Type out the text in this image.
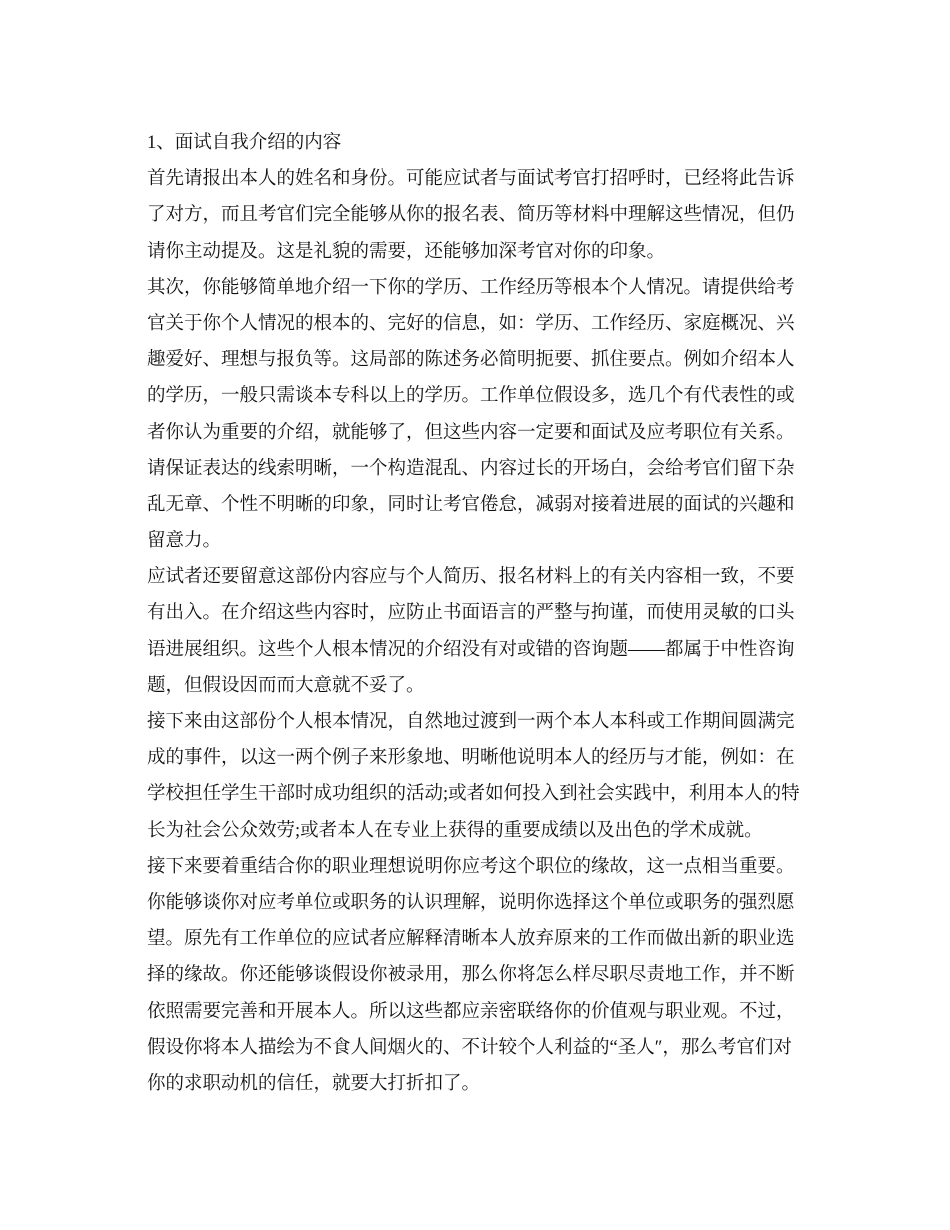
1、面试自我介绍的内容
首先请报出本人的姓名和身份。可能应试者与面试考官打招呼时，已经将此告诉
了对方，而且考官们完全能够从你的报名表、简历等材料中理解这些情况，但仍
请你主动提及。这是礼貌的需要，还能够加深考官对你的印象。
其次，你能够简单地介绍一下你的学历、工作经历等根本个人情况。请提供给考
官关于你个人情况的根本的、完好的信息，如：学历、工作经历、家庭概况、兴
趣爱好、理想与报负等。这局部的陈述务必简明扼要、抓住要点。例如介绍本人
的学历，一般只需谈本专科以上的学历。工作单位假设多，选几个有代表性的或
者你认为重要的介绍，就能够了，但这些内容一定要和面试及应考职位有关系。
请保证表达的线索明晰，一个构造混乱、内容过长的开场白，会给考官们留下杂
乱无章、个性不明晰的印象，同时让考官倦怠，减弱对接着进展的面试的兴趣和
留意力。
应试者还要留意这部份内容应与个人简历、报名材料上的有关内容相一致，不要
有出入。在介绍这些内容时，应防止书面语言的严整与拘谨，而使用灵敏的口头
语进展组织。这些个人根本情况的介绍没有对或错的咨询题——都属于中性咨询
题，但假设因而而大意就不妥了。
接下来由这部份个人根本情况，自然地过渡到一两个本人本科或工作期间圆满完
成的事件，以这一两个例子来形象地、明晰他说明本人的经历与才能，例如：在
学校担任学生干部时成功组织的活动;或者如何投入到社会实践中，利用本人的特
长为社会公众效劳;或者本人在专业上获得的重要成绩以及出色的学术成就。
接下来要着重结合你的职业理想说明你应考这个职位的缘故，这一点相当重要。
你能够谈你对应考单位或职务的认识理解，说明你选择这个单位或职务的强烈愿
望。原先有工作单位的应试者应解释清晰本人放弃原来的工作而做出新的职业选
择的缘故。你还能够谈假设你被录用，那么你将怎么样尽职尽责地工作，并不断
依照需要完善和开展本人。所以这些都应亲密联络你的价值观与职业观。不过，
假设你将本人描绘为不食人间烟火的、不计较个人利益的“圣人″，那么考官们对
你的求职动机的信任，就要大打折扣了。
